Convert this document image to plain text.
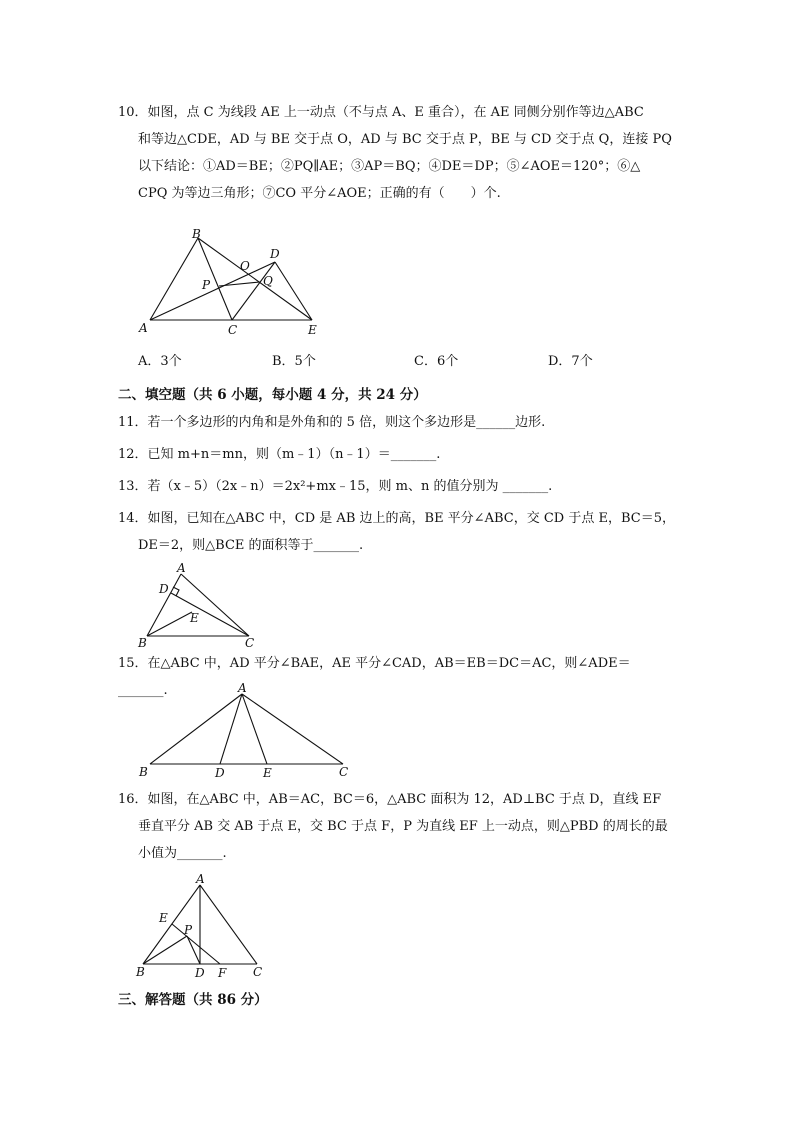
10．如图，点 C 为线段 AE 上一动点（不与点 A、E 重合），在 AE 同侧分别作等边△ABC

和等边△CDE，AD 与 BE 交于点 O，AD 与 BC 交于点 P，BE 与 CD 交于点 Q，连接 PQ

以下结论：①AD＝BE；②PQ∥AE；③AP＝BQ；④DE＝DP；⑤∠AOE＝120°；⑥△

CPQ 为等边三角形；⑦CO 平分∠AOE；正确的有（　　）个.

B
D
O
P	Q
A	C	E
A．3个	B．5个	C．6个	D．7个
二、填空题（共 6 小题，每小题 4 分，共 24 分）
11．若一个多边形的内角和是外角和的 5 倍，则这个多边形是______边形.
12．已知 m+n＝mn，则（m﹣1）（n﹣1）＝_______.
13．若（x﹣5）（2x﹣n）＝2x²+mx﹣15，则 m、n 的值分别为 _______.

14．如图，已知在△ABC 中，CD 是 AB 边上的高，BE 平分∠ABC，交 CD 于点 E，BC＝5，

DE＝2，则△BCE 的面积等于_______.

A
D
E
B	C
15．在△ABC 中，AD 平分∠BAE，AE 平分∠CAD，AB＝EB＝DC＝AC，则∠ADE＝_______.	A
B	D	E	C

16．如图，在△ABC 中，AB＝AC，BC＝6，△ABC 面积为 12，AD⊥BC 于点 D，直线 EF

垂直平分 AB 交 AB 于点 E，交 BC 于点 F，P 为直线 EF 上一动点，则△PBD 的周长的最

小值为_______.

A
E
P
B	D F C
三、解答题（共 86 分）
